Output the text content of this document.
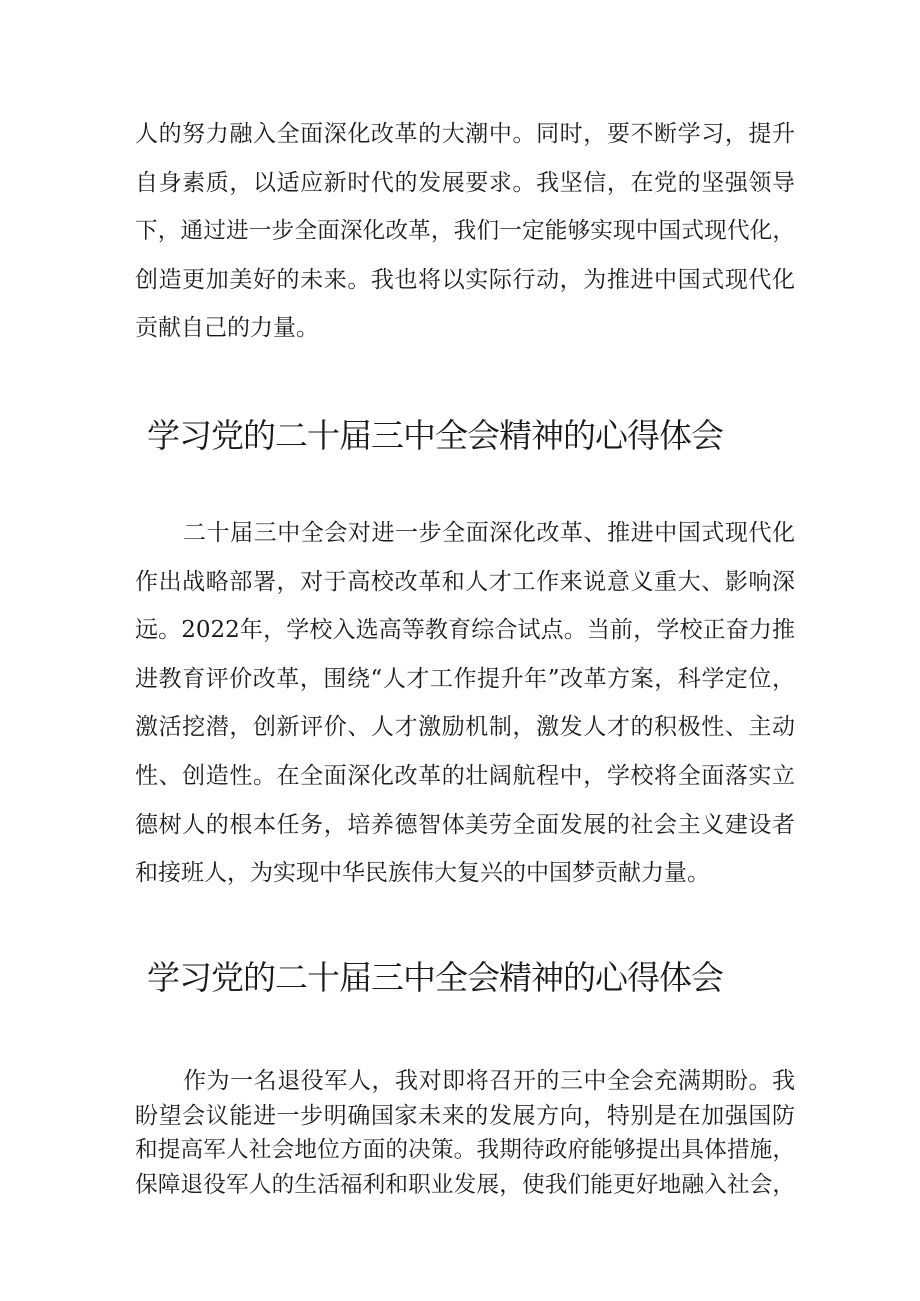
人的努力融入全面深化改革的大潮中。同时，要不断学习，提升
自身素质，以适应新时代的发展要求。我坚信，在党的坚强领导
下，通过进一步全面深化改革，我们一定能够实现中国式现代化，
创造更加美好的未来。我也将以实际行动，为推进中国式现代化
贡献自己的力量。

学习党的二十届三中全会精神的心得体会

二十届三中全会对进一步全面深化改革、推进中国式现代化
作出战略部署，对于高校改革和人才工作来说意义重大、影响深
远。2022年，学校入选高等教育综合试点。当前，学校正奋力推
进教育评价改革，围绕“人才工作提升年”改革方案，科学定位，
激活挖潜，创新评价、人才激励机制，激发人才的积极性、主动
性、创造性。在全面深化改革的壮阔航程中，学校将全面落实立
德树人的根本任务，培养德智体美劳全面发展的社会主义建设者
和接班人，为实现中华民族伟大复兴的中国梦贡献力量。

学习党的二十届三中全会精神的心得体会

作为一名退役军人，我对即将召开的三中全会充满期盼。我
盼望会议能进一步明确国家未来的发展方向，特别是在加强国防
和提高军人社会地位方面的决策。我期待政府能够提出具体措施，
保障退役军人的生活福利和职业发展，使我们能更好地融入社会，
